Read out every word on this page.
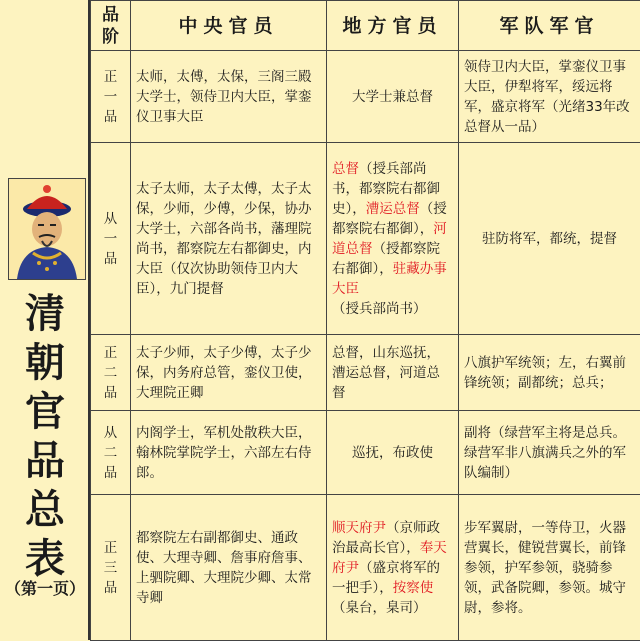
清
朝
官
品
总
表
（第一页）
品
阶	中央官员	地方官员	军队军官

正
一
品	太师，太傅，太保，三阁三殿大学士，领侍卫内大臣，掌銮仪卫事大臣	大学士兼总督	领侍卫内大臣，掌銮仪卫事大臣，伊犁将军，绥远将军，盛京将军（光绪33年改总督从一品）

从
一
品	太子太师，太子太傅，太子太保，少师，少傅，少保，协办大学士，六部各尚书，藩理院尚书，都察院左右都御史，内大臣（仅次协助领侍卫内大臣），九门提督	总督（授兵部尚书，都察院右都御史），漕运总督（授都察院右都御），河道总督（授都察院右都御），驻藏办事大臣（授兵部尚书）	驻防将军，都统，提督

正
二
品	太子少师，太子少傅，太子少保，内务府总管，銮仪卫使，大理院正卿	总督，山东巡抚，漕运总督，河道总督	八旗护军统领；左，右翼前锋统领；副都统；总兵；

从
二
品	内阁学士，军机处散秩大臣，翰林院掌院学士，六部左右侍郎。	巡抚，布政使	副将（绿营军主将是总兵。绿营军非八旗满兵之外的军队编制）

正
三
品	都察院左右副都御史、通政使、大理寺卿、詹事府詹事、上驷院卿、大理院少卿、太常寺卿	顺天府尹（京师政治最高长官），奉天府尹（盛京将军的一把手），按察使（臬台，臬司）	步军翼尉，一等侍卫，火器营翼长，健锐营翼长，前锋参领，护军参领，骁骑参领，武备院卿，参领。城守尉，参将。
